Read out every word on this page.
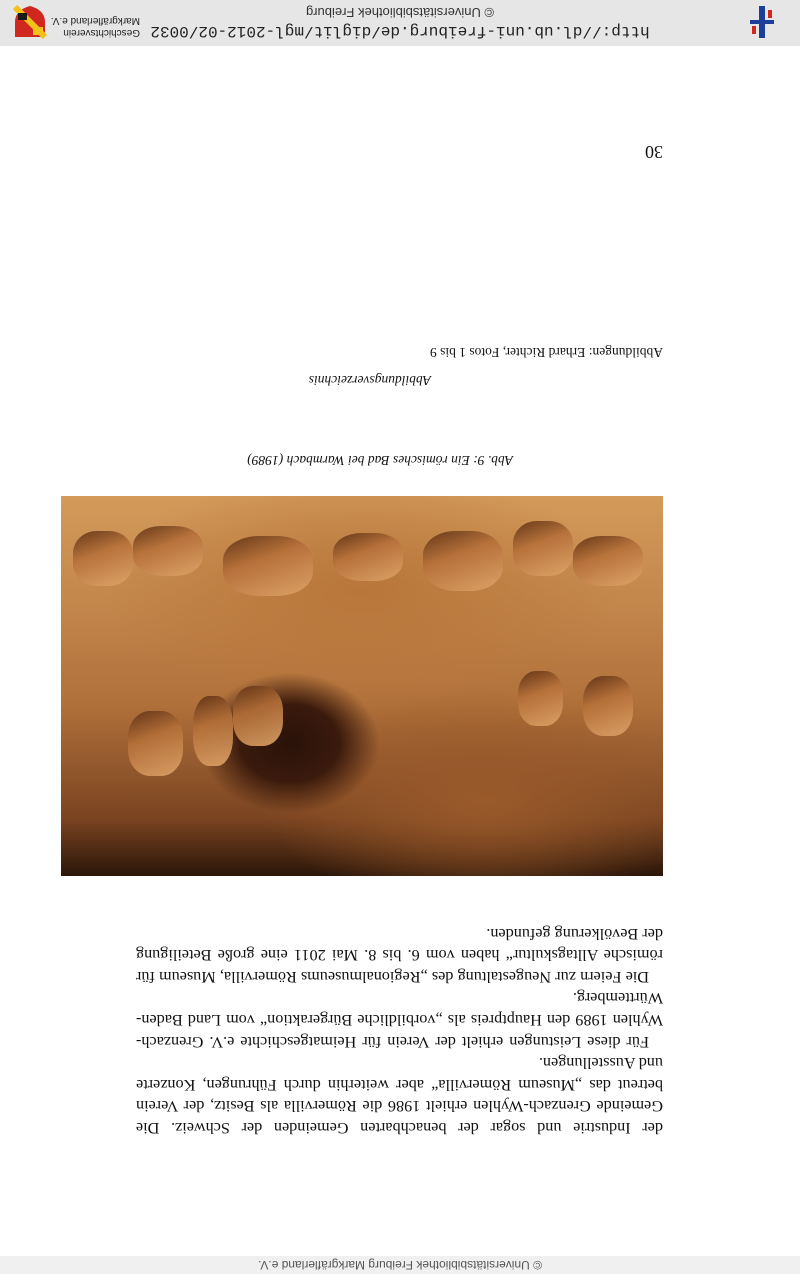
© Universitätsbibliothek Freiburg Markgräflerland e.V.

der Industrie und sogar der benachbarten Gemeinden der Schweiz. Die Gemeinde Grenzach-Wyhlen erhielt 1986 die Römervilla als Besitz, der Verein betreut das „Museum Römervilla“ aber weiterhin durch Führungen, Konzerte und Ausstellungen.

Für diese Leistungen erhielt der Verein für Heimatgeschichte e.V. Grenzach-Wyhlen 1989 den Hauptpreis als „vorbildliche Bürgeraktion“ vom Land Baden-Württemberg.

Die Feiern zur Neugestaltung des „Regionalmuseums Römervilla, Museum für römische Alltagskultur“ haben vom 6. bis 8. Mai 2011 eine große Beteiligung der Bevölkerung gefunden.

Abb. 9: Ein römisches Bad bei Warmbach (1989)
Abbildungsverzeichnis
Abbildungen: Erhard Richter, Fotos 1 bis 9
30
http://dl.ub.uni-freiburg.de/diglit/mgl-2012-02/0032
© Universitätsbibliothek Freiburg
Geschichtsverein
Markgräflerland e.V.
